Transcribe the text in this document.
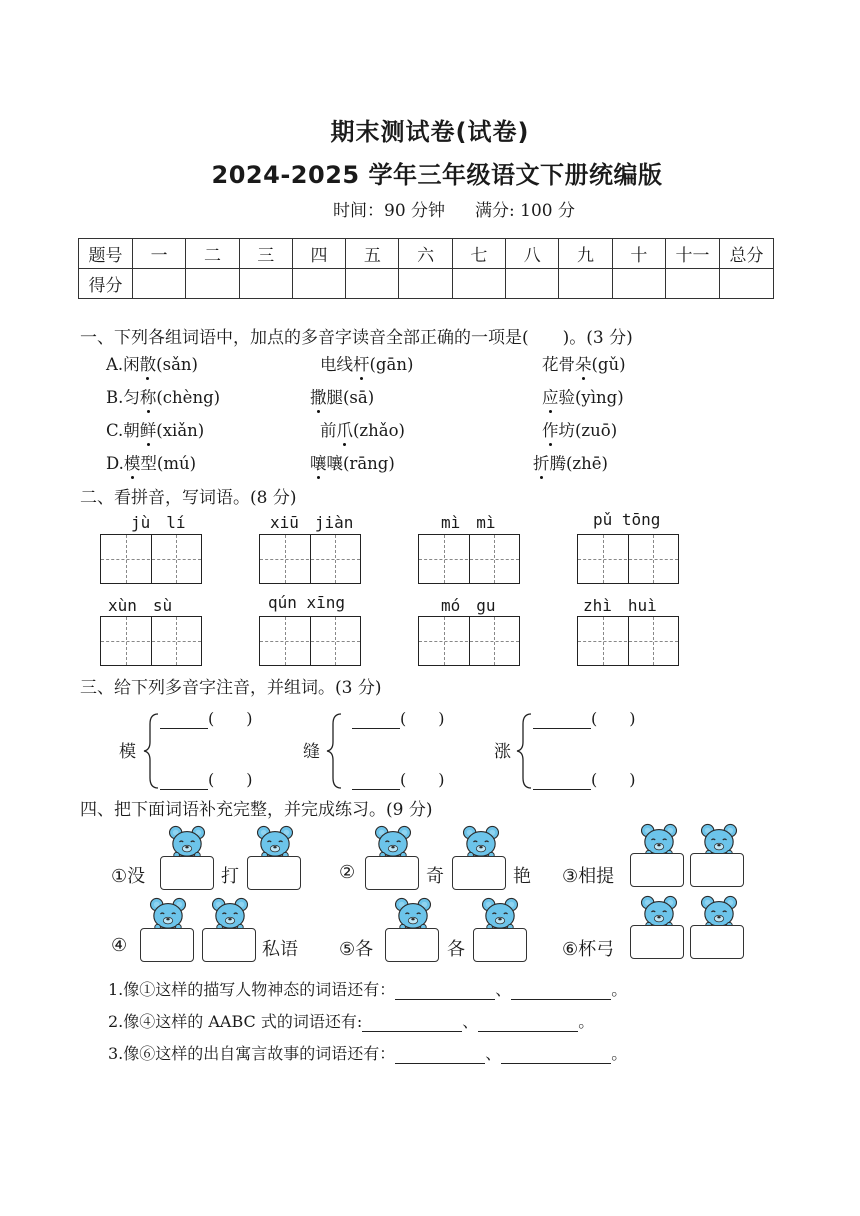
期末测试卷(试卷)
2024-2025 学年三年级语文下册统编版
时间：90 分钟 满分: 100 分
题号	一	二	三	四	五	六	七	八	九	十	十一	总分
得分												
一、下列各组词语中，加点的多音字读音全部正确的一项是(　　)。(3 分)
A.闲散(sǎn)	电线杆(gān)	花骨朵(gǔ)
B.匀称(chèng)	撒腿(sā)	应验(yìng)
C.朝鲜(xiǎn)	前爪(zhǎo)	作坊(zuō)
D.模型(mú)	嚷嚷(rāng)	折腾(zhē)
二、看拼音，写词语。(8 分)
jù　lí	xiū　jiàn	mì　mì	pǔ tōng
xùn　sù	qún xīng	mó　gu	zhì　huì
三、给下列多音字注音，并组词。(3 分)
模
(　　)
(　　)
缝
(　　)
(　　)
涨
(　　)
(　　)
四、把下面词语补充完整，并完成练习。(9 分)
①没	打	②	奇	艳 ③相提
④	私语 ⑤各	各	⑥杯弓
1.像①这样的描写人物神态的词语还有：	、	。
2.像④这样的 AABC 式的词语还有:	、	。
3.像⑥这样的出自寓言故事的词语还有：	、	。
